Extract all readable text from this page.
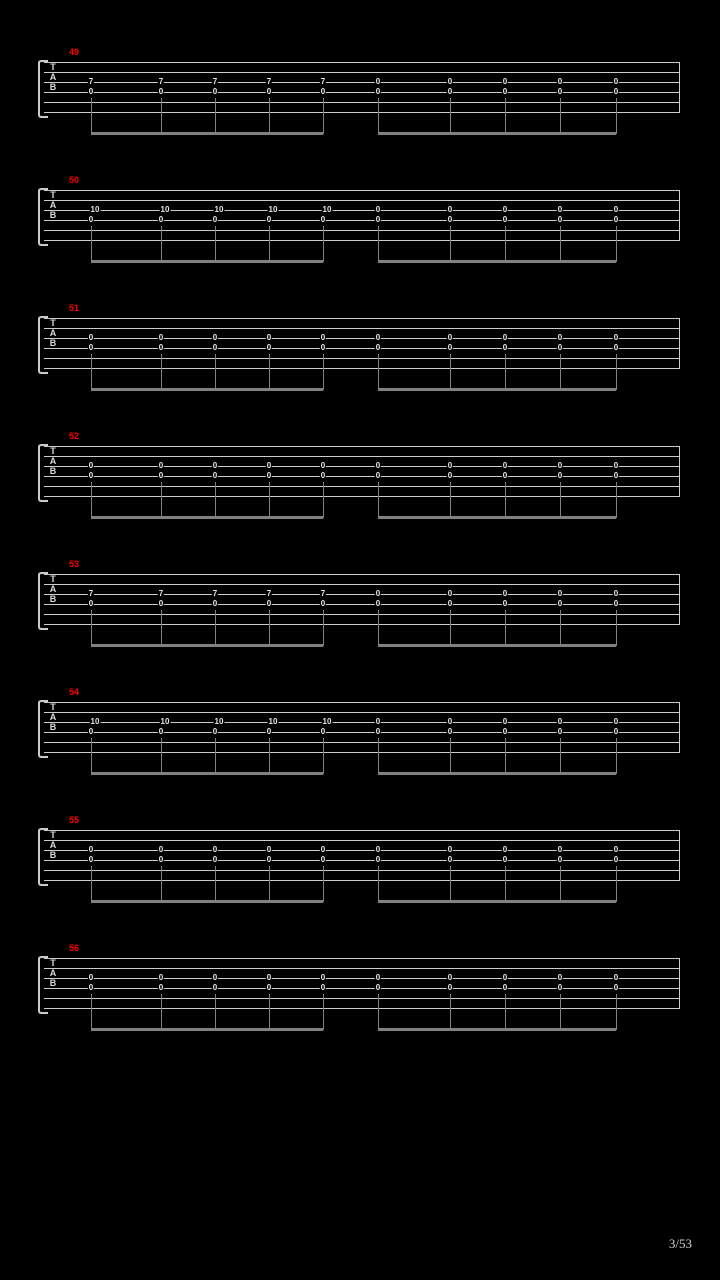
3/53
49
T
A
B
7
0
7
0
7
0
7
0
7
0
0
0
0
0
0
0
0
0
0
0
50
T
A
B
10
0
10
0
10
0
10
0
10
0
0
0
0
0
0
0
0
0
0
0
51
T
A
B
0
0
0
0
0
0
0
0
0
0
0
0
0
0
0
0
0
0
0
0
52
T
A
B
0
0
0
0
0
0
0
0
0
0
0
0
0
0
0
0
0
0
0
0
53
T
A
B
7
0
7
0
7
0
7
0
7
0
0
0
0
0
0
0
0
0
0
0
54
T
A
B
10
0
10
0
10
0
10
0
10
0
0
0
0
0
0
0
0
0
0
0
55
T
A
B
0
0
0
0
0
0
0
0
0
0
0
0
0
0
0
0
0
0
0
0
56
T
A
B
0
0
0
0
0
0
0
0
0
0
0
0
0
0
0
0
0
0
0
0
